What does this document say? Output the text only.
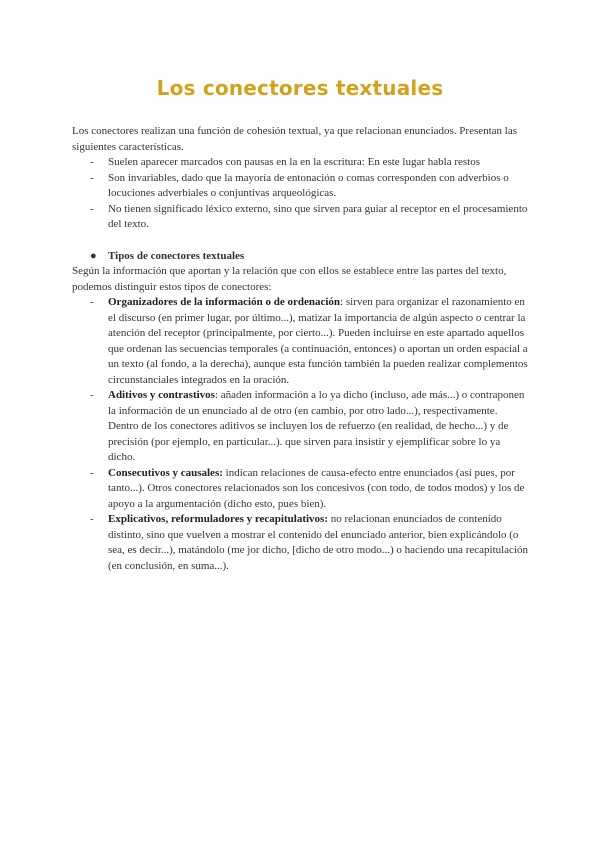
Los conectores textuales

Los conectores realizan una función de cohesión textual, ya que relacionan enunciados. Presentan las siguientes características.

- Suelen aparecer marcados con pausas en la en la escritura: En este lugar habla restos
- Son invariables, dado que la mayoría de entonación o comas corresponden con adverbios o locuciones adverbiales o conjuntivas arqueológicas.
- No tienen significado léxico externo, sino que sirven para guiar al receptor en el procesamiento del texto.
● Tipos de conectores textuales

Según la información que aportan y la relación que con ellos se establece entre las partes del texto, podemos distinguir estos tipos de conectores:

- Organizadores de la información o de ordenación: sirven para organizar el razonamiento en el discurso (en primer lugar, por último...), matizar la importancia de algún aspecto o centrar la atención del receptor (principalmente, por cierto...). Pueden incluirse en este apartado aquellos que ordenan las secuencias temporales (a continuación, entonces) o aportan un orden espacial a un texto (al fondo, a la derecha), aunque esta función también la pueden realizar complementos circunstanciales integrados en la oración.
- Aditivos y contrastivos: añaden información a lo ya dicho (incluso, ade más...) o contraponen la información de un enunciado al de otro (en cambio, por otro lado...), respectivamente. Dentro de los conectores aditivos se incluyen los de refuerzo (en realidad, de hecho...) y de precisión (por ejemplo, en particular...). que sirven para insistir y ejemplificar sobre lo ya dicho.
- Consecutivos y causales: indican relaciones de causa-efecto entre enunciados (así pues, por tanto...). Otros conectores relacionados son los concesivos (con todo, de todos modos) y los de apoyo a la argumentación (dicho esto, pues bien).
- Explicativos, reformuladores y recapitulativos: no relacionan enunciados de contenido distinto, sino que vuelven a mostrar el contenido del enunciado anterior, bien explicándolo (o sea, es decir...), matándolo (me jor dicho, [dicho de otro modo...) o haciendo una recapitulación (en conclusión, en suma...).
